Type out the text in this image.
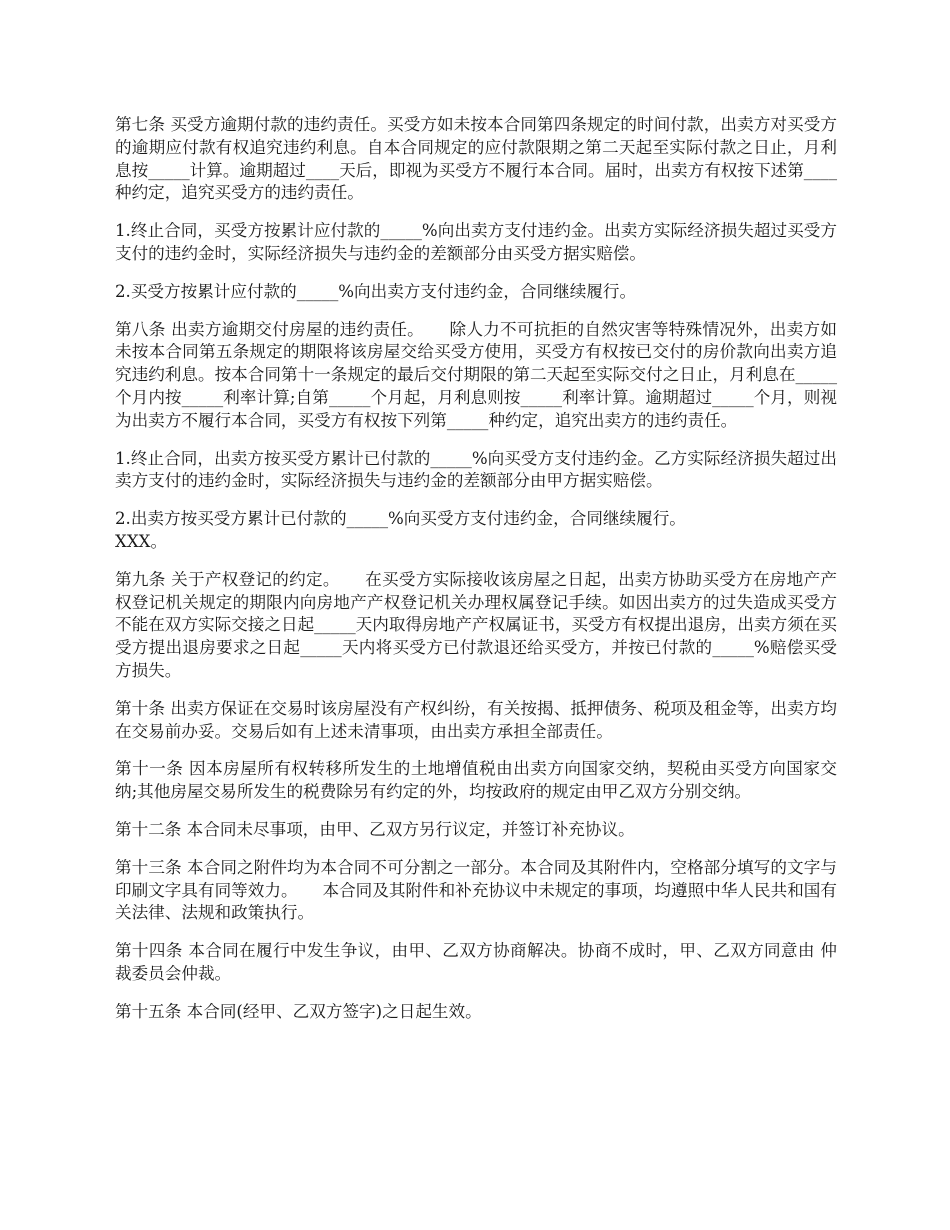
第七条 买受方逾期付款的违约责任。买受方如未按本合同第四条规定的时间付款，出卖方对买受方的逾期应付款有权追究违约利息。自本合同规定的应付款限期之第二天起至实际付款之日止，月利息按_____计算。逾期超过____天后，即视为买受方不履行本合同。届时，出卖方有权按下述第____种约定，追究买受方的违约责任。

1.终止合同，买受方按累计应付款的_____%向出卖方支付违约金。出卖方实际经济损失超过买受方支付的违约金时，实际经济损失与违约金的差额部分由买受方据实赔偿。

2.买受方按累计应付款的_____%向出卖方支付违约金，合同继续履行。

第八条 出卖方逾期交付房屋的违约责任。　　除人力不可抗拒的自然灾害等特殊情况外，出卖方如未按本合同第五条规定的期限将该房屋交给买受方使用，买受方有权按已交付的房价款向出卖方追究违约利息。按本合同第十一条规定的最后交付期限的第二天起至实际交付之日止，月利息在_____个月内按_____利率计算;自第_____个月起，月利息则按_____利率计算。逾期超过_____个月，则视为出卖方不履行本合同，买受方有权按下列第_____种约定，追究出卖方的违约责任。

1.终止合同，出卖方按买受方累计已付款的_____%向买受方支付违约金。乙方实际经济损失超过出卖方支付的违约金时，实际经济损失与违约金的差额部分由甲方据实赔偿。

2.出卖方按买受方累计已付款的_____%向买受方支付违约金，合同继续履行。
XXX。

第九条 关于产权登记的约定。　　在买受方实际接收该房屋之日起，出卖方协助买受方在房地产产权登记机关规定的期限内向房地产产权登记机关办理权属登记手续。如因出卖方的过失造成买受方不能在双方实际交接之日起_____天内取得房地产产权属证书，买受方有权提出退房，出卖方须在买受方提出退房要求之日起_____天内将买受方已付款退还给买受方，并按已付款的_____%赔偿买受方损失。

第十条 出卖方保证在交易时该房屋没有产权纠纷，有关按揭、抵押债务、税项及租金等，出卖方均在交易前办妥。交易后如有上述未清事项，由出卖方承担全部责任。

第十一条 因本房屋所有权转移所发生的土地增值税由出卖方向国家交纳，契税由买受方向国家交纳;其他房屋交易所发生的税费除另有约定的外，均按政府的规定由甲乙双方分别交纳。

第十二条 本合同未尽事项，由甲、乙双方另行议定，并签订补充协议。

第十三条 本合同之附件均为本合同不可分割之一部分。本合同及其附件内，空格部分填写的文字与印刷文字具有同等效力。　　本合同及其附件和补充协议中未规定的事项，均遵照中华人民共和国有关法律、法规和政策执行。

第十四条 本合同在履行中发生争议，由甲、乙双方协商解决。协商不成时，甲、乙双方同意由 仲裁委员会仲裁。

第十五条 本合同(经甲、乙双方签字)之日起生效。
